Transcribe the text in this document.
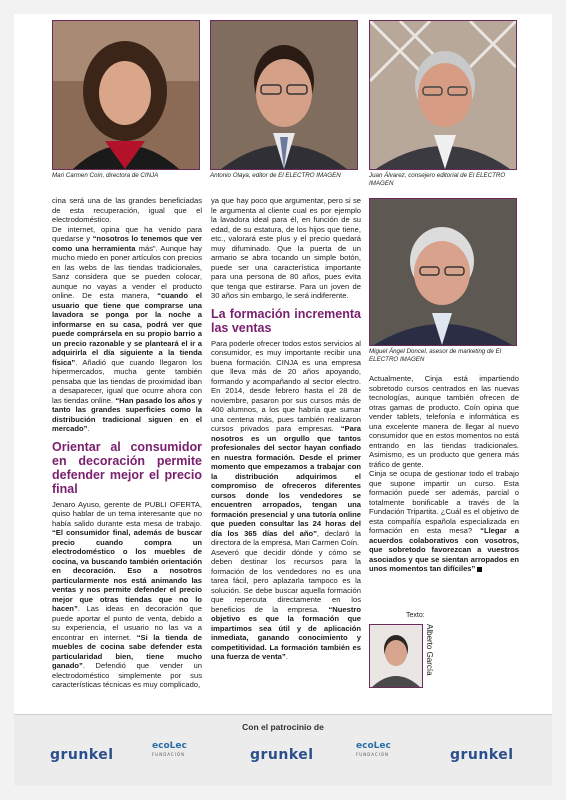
Mari Carmen Coín, directora de CINJA	Antonio Olaya, editor de El ELECTRO IMAGEN	Juan Álvarez, consejero editorial de El ELECTRO IMAGEN
Miguel Ángel Doncel, asesor de marketing de El ELECTRO IMAGEN

cina será una de las grandes beneficiadas de esta recuperación, igual que el electrodoméstico.

De internet, opina que ha venido para quedarse y “nosotros lo tenemos que ver como una herramienta más”. Aunque hay mucho miedo en poner artículos con precios en las webs de las tiendas tradicionales, Sanz considera que se pueden colocar, aunque no vayas a vender el producto online. De esta manera, “cuando el usuario que tiene que comprarse una lavadora se ponga por la noche a informarse en su casa, podrá ver que puede comprársela en su propio barrio a un precio razonable y se planteará el ir a adquirirla el día siguiente a la tienda física”. Añadió que cuando llegaron los hipermercados, mucha gente también pensaba que las tiendas de proximidad iban a desaparecer, igual que ocurre ahora con las tiendas online. “Han pasado los años y tanto las grandes superficies como la distribución tradicional siguen en el mercado”.

Orientar al consumidor en decoración permite defender mejor el precio final

Jenaro Ayuso, gerente de PUBLI OFERTA, quiso hablar de un tema interesante que no había salido durante esta mesa de trabajo. “El consumidor final, además de buscar precio cuando compra un electrodoméstico o los muebles de cocina, va buscando también orientación en decoración. Eso a nosotros particularmente nos está animando las ventas y nos permite defender el precio mejor que otras tiendas que no lo hacen”. Las ideas en decoración que puede aportar el punto de venta, debido a su experiencia, el usuario no las va a encontrar en internet. “Si la tienda de muebles de cocina sabe defender esta particularidad bien, tiene mucho ganado”. Defendió que vender un electrodoméstico simplemente por sus características técnicas es muy complicado,

ya que hay poco que argumentar, pero si se le argumenta al cliente cual es por ejemplo la lavadora ideal para él, en función de su edad, de su estatura, de los hijos que tiene, etc., valorará este plus y el precio quedará muy difuminado. Que la puerta de un armario se abra tocando un simple botón, puede ser una característica importante para una persona de 80 años, pues evita que tenga que estirarse. Para un joven de 30 años sin embargo, le será indiferente.

La formación incrementa las ventas

Para poderle ofrecer todos estos servicios al consumidor, es muy importante recibir una buena formación. CINJA es una empresa que lleva más de 20 años apoyando, formando y acompañando al sector electro. En 2014, desde febrero hasta el 28 de noviembre, pasaron por sus cursos más de 400 alumnos, a los que habría que sumar una centena más, pues también realizaron cursos privados para empresas. “Para nosotros es un orgullo que tantos profesionales del sector hayan confiado en nuestra formación. Desde el primer momento que empezamos a trabajar con la distribución adquirimos el compromiso de ofreceros diferentes cursos donde los vendedores se encuentren arropados, tengan una formación presencial y una tutoría online que pueden consultar las 24 horas del día los 365 días del año”, declaró la directora de la empresa, Mari Carmen Coín.

Aseveró que decidir dónde y cómo se deben destinar los recursos para la formación de los vendedores no es una tarea fácil, pero aplazarla tampoco es la solución. Se debe buscar aquella formación que repercuta directamente en los beneficios de la empresa. “Nuestro objetivo es que la formación que impartimos sea útil y de aplicación inmediata, ganando conocimiento y competitividad. La formación también es una fuerza de venta”.

Actualmente, Cinja está impartiendo sobretodo cursos centrados en las nuevas tecnologías, aunque también ofrecen de otras gamas de producto. Coín opina que vender tablets, telefonía e informática es una excelente manera de llegar al nuevo consumidor que en estos momentos no está entrando en las tiendas tradicionales. Asimismo, es un producto que genera más tráfico de gente.

Cinja se ocupa de gestionar todo el trabajo que supone impartir un curso. Esta formación puede ser además, parcial o totalmente bonificable a través de la Fundación Tripartita. ¿Cuál es el objetivo de esta compañía española especializada en formación en esta mesa? “Llegar a acuerdos colaborativos con vosotros, que sobretodo favorezcan a vuestros asociados y que se sientan arropados en unos momentos tan difíciles”

Texto:
Alberto García
Con el patrocinio de
grunkel
ecoLec
FUNDACIÓN	grunkel
ecoLec
FUNDACIÓN	grunkel
